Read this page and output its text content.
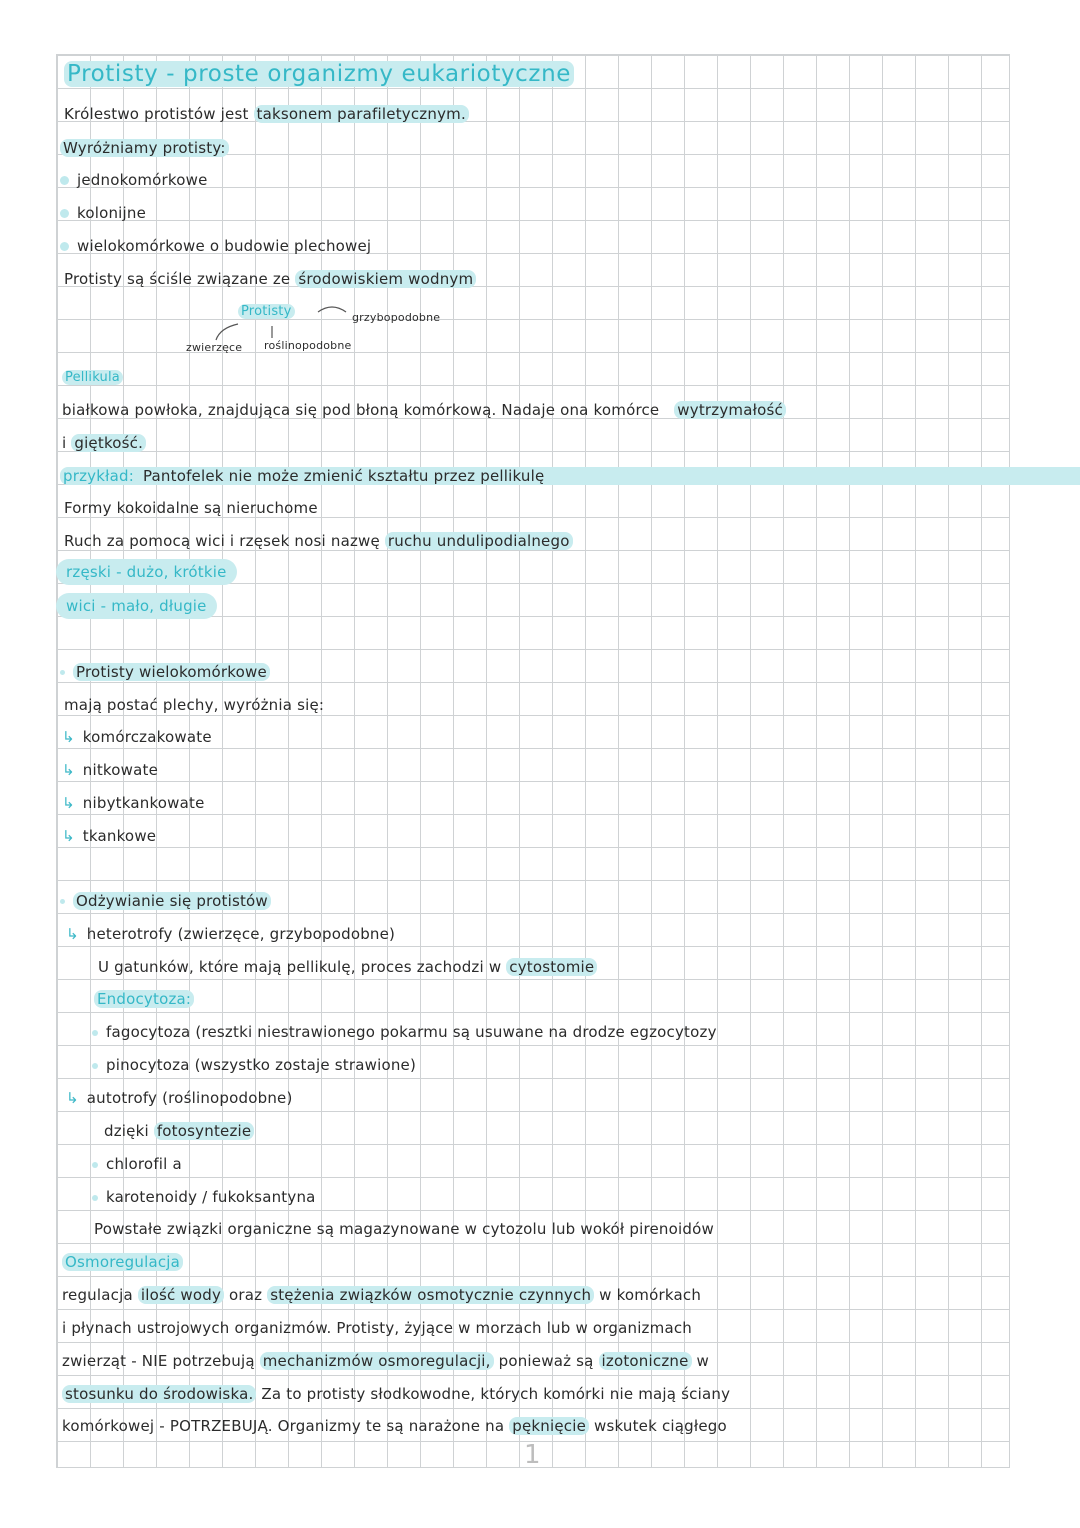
Protisty - proste organizmy eukariotyczne
Królestwo protistów jest taksonem parafiletycznym.
Wyróżniamy protisty:
jednokomórkowe
kolonijne
wielokomórkowe o budowie plechowej
Protisty są ściśle związane ze środowiskiem wodnym
Protisty	grzybopodobne
zwierzęce roślinopodobne
Pellikula
białkowa powłoka, znajdująca się pod błoną komórkową. Nadaje ona komórce wytrzymałość
i giętkość.
przykład: Pantofelek nie może zmienić kształtu przez pellikulę
Formy kokoidalne są nieruchome
Ruch za pomocą wici i rzęsek nosi nazwę ruchu undulipodialnego
rzęski - dużo, krótkie
wici - mało, długie
Protisty wielokomórkowe
mają postać plechy, wyróżnia się:
↳ komórczakowate
↳ nitkowate
↳ nibytkankowate
↳ tkankowe
Odżywianie się protistów
↳ heterotrofy (zwierzęce, grzybopodobne)
U gatunków, które mają pellikulę, proces zachodzi w cytostomie
Endocytoza:
fagocytoza (resztki niestrawionego pokarmu są usuwane na drodze egzocytozy
pinocytoza (wszystko zostaje strawione)
↳ autotrofy (roślinopodobne)
dzięki fotosyntezie
chlorofil a
karotenoidy / fukoksantyna
Powstałe związki organiczne są magazynowane w cytozolu lub wokół pirenoidów
Osmoregulacja
regulacja ilość wody oraz stężenia związków osmotycznie czynnych w komórkach
i płynach ustrojowych organizmów. Protisty, żyjące w morzach lub w organizmach
zwierząt - NIE potrzebują mechanizmów osmoregulacji, ponieważ są izotoniczne w
stosunku do środowiska. Za to protisty słodkowodne, których komórki nie mają ściany
komórkowej - POTRZEBUJĄ. Organizmy te są narażone na pęknięcie wskutek ciągłego
1
